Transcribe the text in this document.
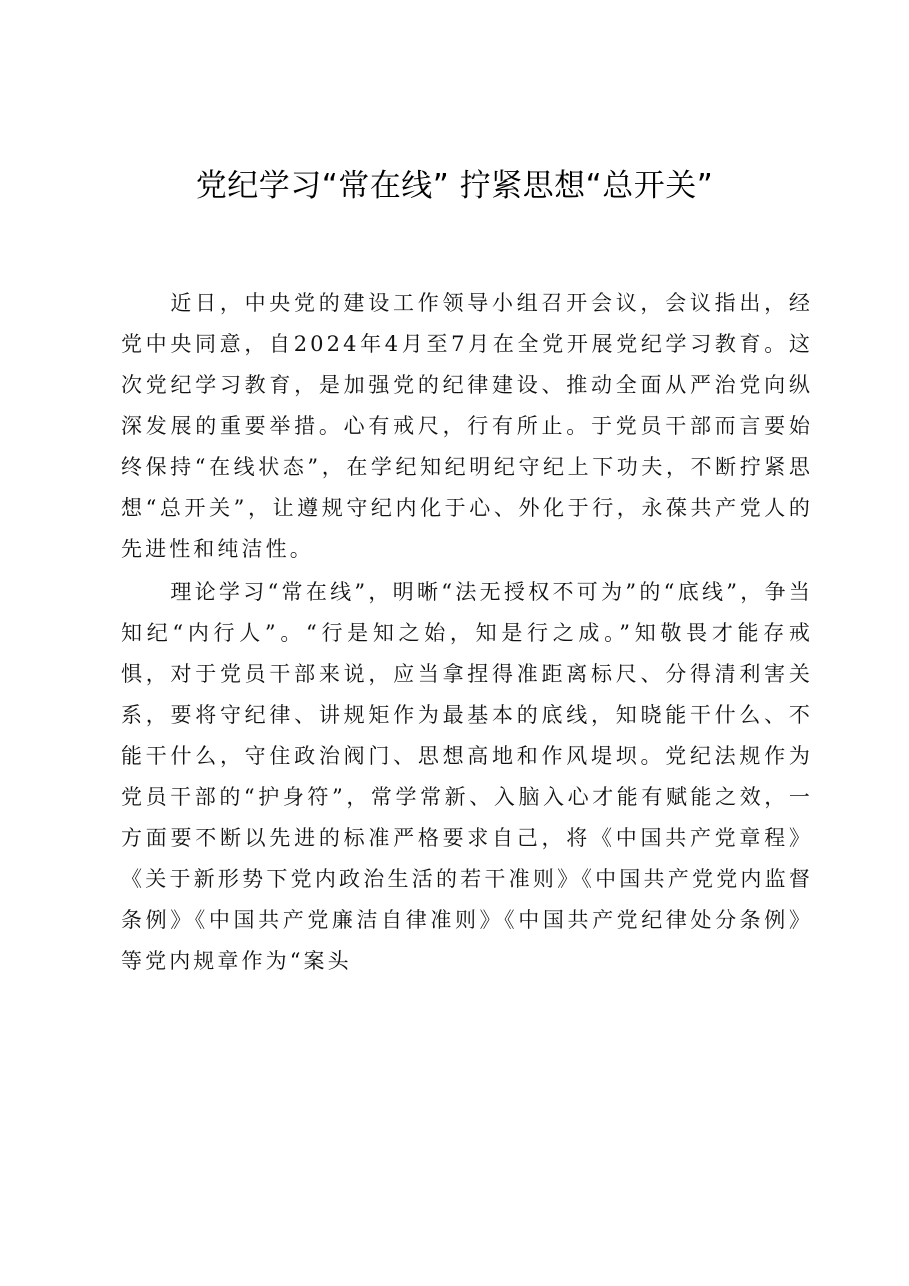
党纪学习“常在线” 拧紧思想“总开关”

近日，中央党的建设工作领导小组召开会议，会议指出，经党中央同意，自2024年4月至7月在全党开展党纪学习教育。这次党纪学习教育，是加强党的纪律建设、推动全面从严治党向纵深发展的重要举措。心有戒尺，行有所止。于党员干部而言要始终保持“在线状态”，在学纪知纪明纪守纪上下功夫，不断拧紧思想“总开关”，让遵规守纪内化于心、外化于行，永葆共产党人的先进性和纯洁性。

理论学习“常在线”，明晰“法无授权不可为”的“底线”，争当知纪“内行人”。“行是知之始，知是行之成。”知敬畏才能存戒惧，对于党员干部来说，应当拿捏得准距离标尺、分得清利害关系，要将守纪律、讲规矩作为最基本的底线，知晓能干什么、不能干什么，守住政治阀门、思想高地和作风堤坝。党纪法规作为党员干部的“护身符”，常学常新、入脑入心才能有赋能之效，一方面要不断以先进的标准严格要求自己，将《中国共产党章程》《关于新形势下党内政治生活的若干准则》《中国共产党党内监督条例》《中国共产党廉洁自律准则》《中国共产党纪律处分条例》等党内规章作为“案头
